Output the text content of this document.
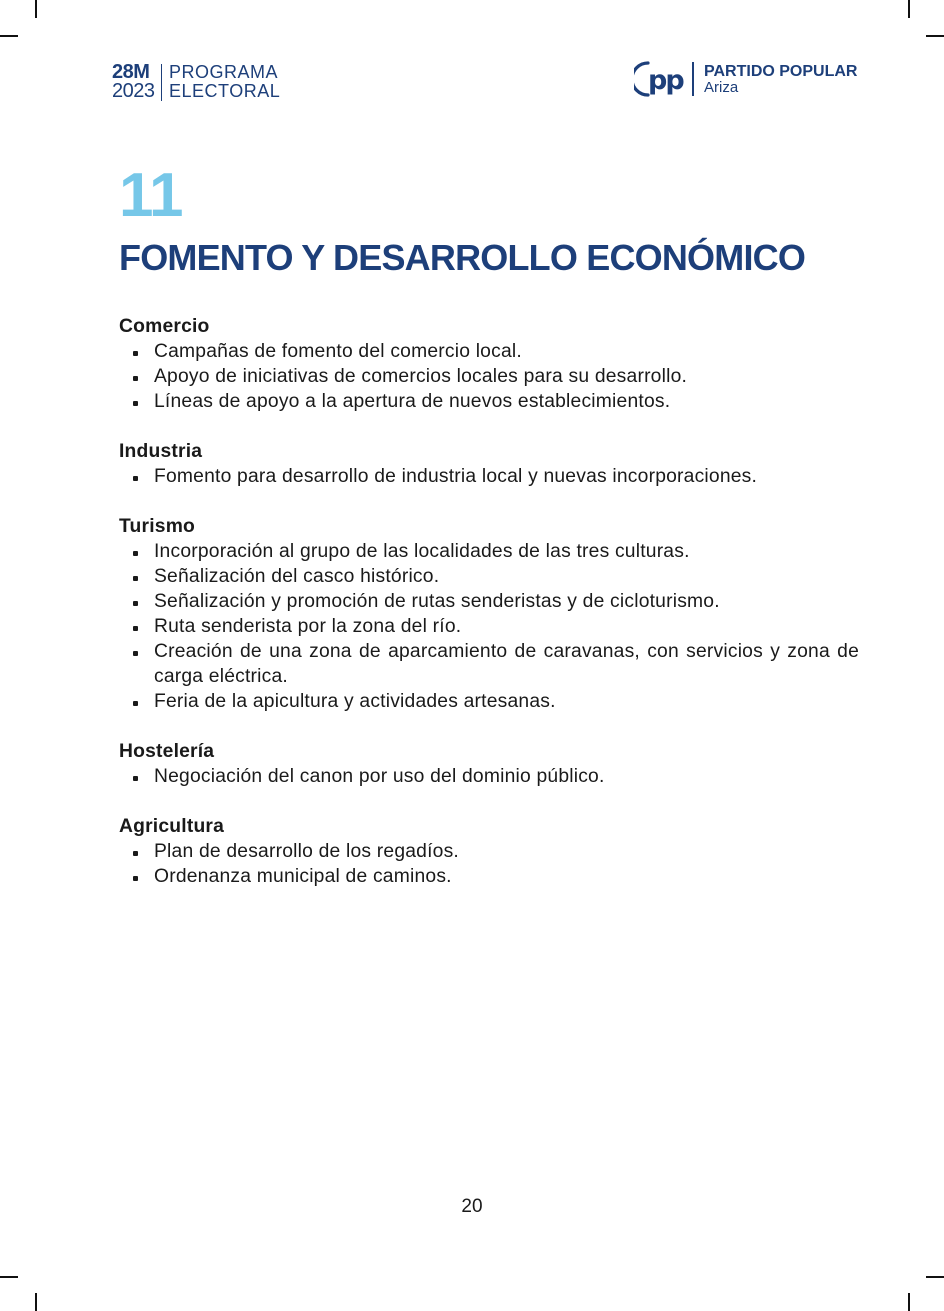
28M
2023
PROGRAMA
ELECTORAL	pp PARTIDO POPULAR
Ariza
11
FOMENTO Y DESARROLLO ECONÓMICO

Comercio

Campañas de fomento del comercio local.
Apoyo de iniciativas de comercios locales para su desarrollo.
Líneas de apoyo a la apertura de nuevos establecimientos.

Industria

Fomento para desarrollo de industria local y nuevas incorporaciones.

Turismo

Incorporación al grupo de las localidades de las tres culturas.
Señalización del casco histórico.
Señalización y promoción de rutas senderistas y de cicloturismo.
Ruta senderista por la zona del río.
Creación de una zona de aparcamiento de caravanas, con servicios y zona de carga eléctrica.
Feria de la apicultura y actividades artesanas.

Hostelería

Negociación del canon por uso del dominio público.

Agricultura

Plan de desarrollo de los regadíos.
Ordenanza municipal de caminos.
20
